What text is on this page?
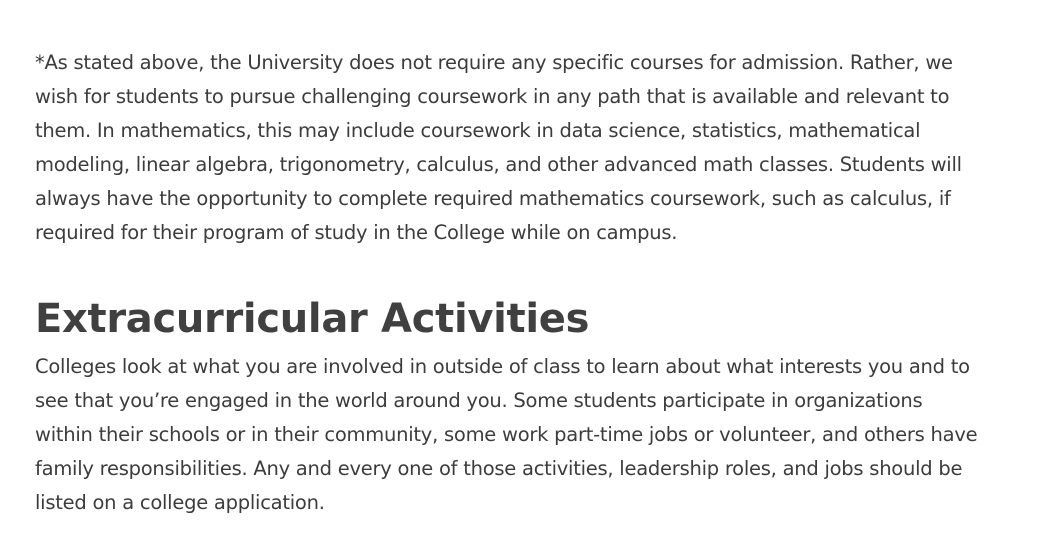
*As stated above, the University does not require any specific courses for admission. Rather, we wish for students to pursue challenging coursework in any path that is available and relevant to them. In mathematics, this may include coursework in data science, statistics, mathematical modeling, linear algebra, trigonometry, calculus, and other advanced math classes. Students will always have the opportunity to complete required mathematics coursework, such as calculus, if required for their program of study in the College while on campus.

Extracurricular Activities

Colleges look at what you are involved in outside of class to learn about what interests you and to see that you’re engaged in the world around you. Some students participate in organizations within their schools or in their community, some work part-time jobs or volunteer, and others have family responsibilities. Any and every one of those activities, leadership roles, and jobs should be listed on a college application.
